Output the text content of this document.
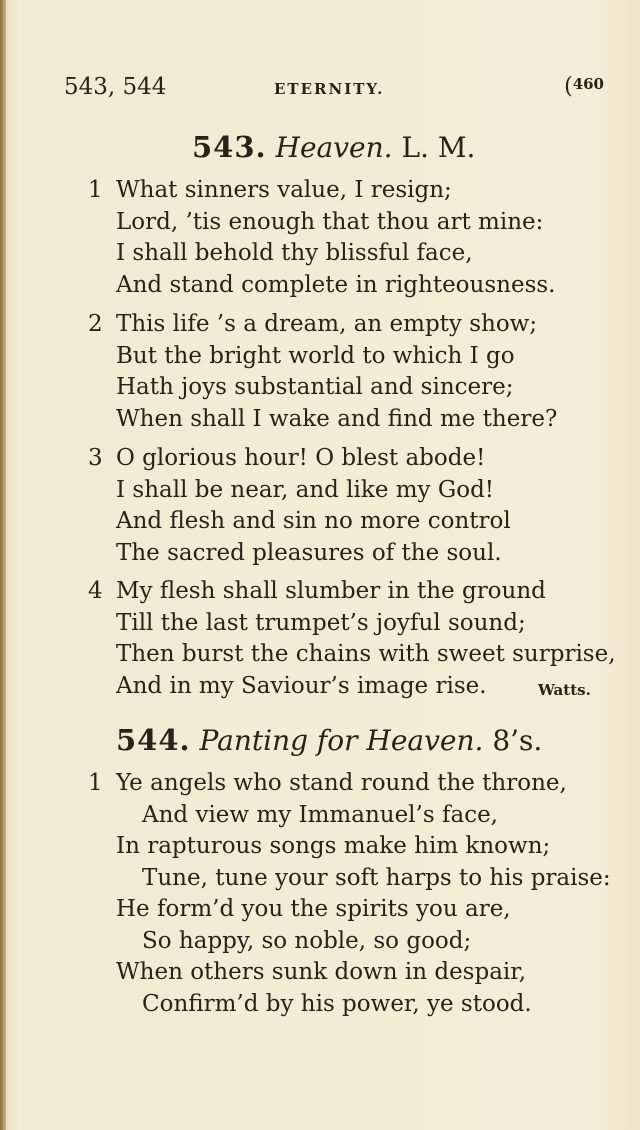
543, 544	ETERNITY.	(460
543. Heaven. L. M.
1 What sinners value, I resign;
Lord, ’tis enough that thou art mine:
I shall behold thy blissful face,
And stand complete in righteousness.
2 This life ’s a dream, an empty show;
But the bright world to which I go
Hath joys substantial and sincere;
When shall I wake and find me there?
3 O glorious hour! O blest abode!
I shall be near, and like my God!
And flesh and sin no more control
The sacred pleasures of the soul.
4 My flesh shall slumber in the ground
Till the last trumpet’s joyful sound;
Then burst the chains with sweet surprise,
And in my Saviour’s image rise.	Watts.
544. Panting for Heaven. 8’s.
1 Ye angels who stand round the throne,
And view my Immanuel’s face,
In rapturous songs make him known;
Tune, tune your soft harps to his praise:
He form’d you the spirits you are,
So happy, so noble, so good;
When others sunk down in despair,
Confirm’d by his power, ye stood.
